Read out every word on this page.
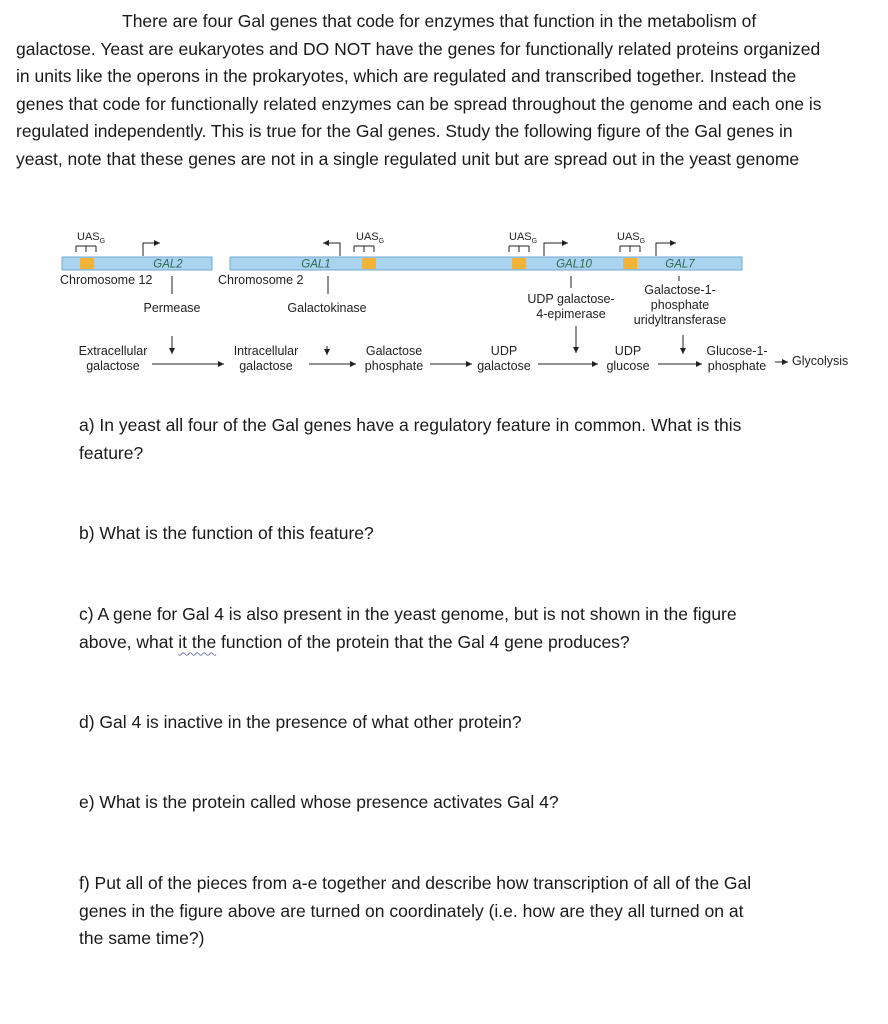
There are four Gal genes that code for enzymes that function in the metabolism of galactose. Yeast are eukaryotes and DO NOT have the genes for functionally related proteins organized in units like the operons in the prokaryotes, which are regulated and transcribed together. Instead the genes that code for functionally related enzymes can be spread throughout the genome and each one is regulated independently. This is true for the Gal genes. Study the following figure of the Gal genes in yeast, note that these genes are not in a single regulated unit but are spread out in the yeast genome

GAL2
$UAS_G$
Chromosome 12
GAL1	GAL10	GAL7
Chromosome 2
$UAS_G$	$UAS_G$	$UAS_G$
Permease	Galactokinase
UDP galactose-
4-epimerase
Galactose-1-
phosphate
uridyltransferase
Extracellular
galactose
Intracellular
galactose
Galactose
phosphate
UDP
galactose
UDP
glucose
Glucose-1-
phosphate Glycolysis

a) In yeast all four of the Gal genes have a regulatory feature in common. What is this
feature?

b) What is the function of this feature?

c) A gene for Gal 4 is also present in the yeast genome, but is not shown in the figure
above, what it the function of the protein that the Gal 4 gene produces?

d) Gal 4 is inactive in the presence of what other protein?

e) What is the protein called whose presence activates Gal 4?

f) Put all of the pieces from a-e together and describe how transcription of all of the Gal
genes in the figure above are turned on coordinately (i.e. how are they all turned on at
the same time?)
